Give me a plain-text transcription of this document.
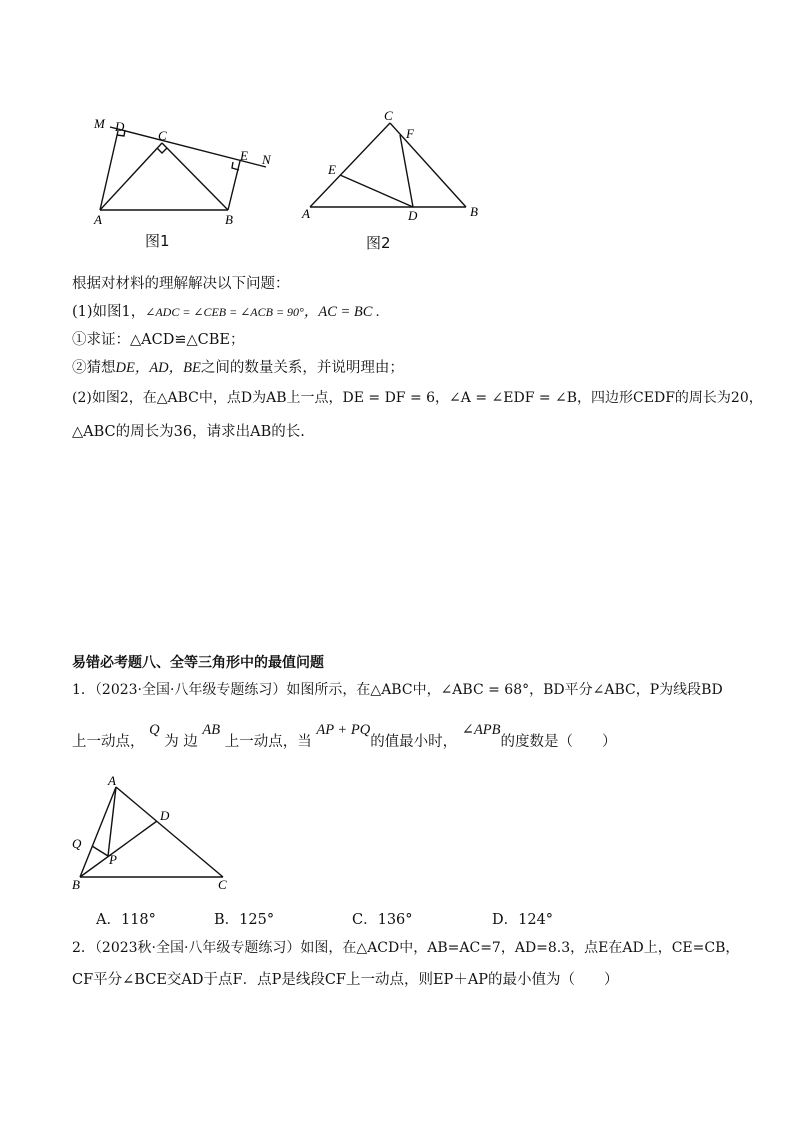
M D
C
E N
A	B
图1
C
F
E
A	D	B
图2
根据对材料的理解解决以下问题：
(1)如图1，∠ADC = ∠CEB = ∠ACB = 90°，AC = BC .
①求证：△ACD≌△CBE；
②猜想DE，AD，BE之间的数量关系，并说明理由；
(2)如图2，在△ABC中，点D为AB上一点，DE = DF = 6，∠A = ∠EDF = ∠B，四边形CEDF的周长为20，
△ABC的周长为36，请求出AB的长.
易错必考题八、全等三角形中的最值问题
1．（2023·全国·八年级专题练习）如图所示，在△ABC中，∠ABC = 68°，BD平分∠ABC，P为线段BD
上一动点， Q 为 边 AB 上一动点，当 AP + PQ的值最小时， ∠APB的度数是（　　）
A
D
Q
P
B	C
A．118°	B．125°	C．136°	D．124°
2．（2023秋·全国·八年级专题练习）如图，在△ACD中，AB=AC=7，AD=8.3，点E在AD上，CE=CB，
CF平分∠BCE交AD于点F．点P是线段CF上一动点，则EP＋AP的最小值为（　　）
